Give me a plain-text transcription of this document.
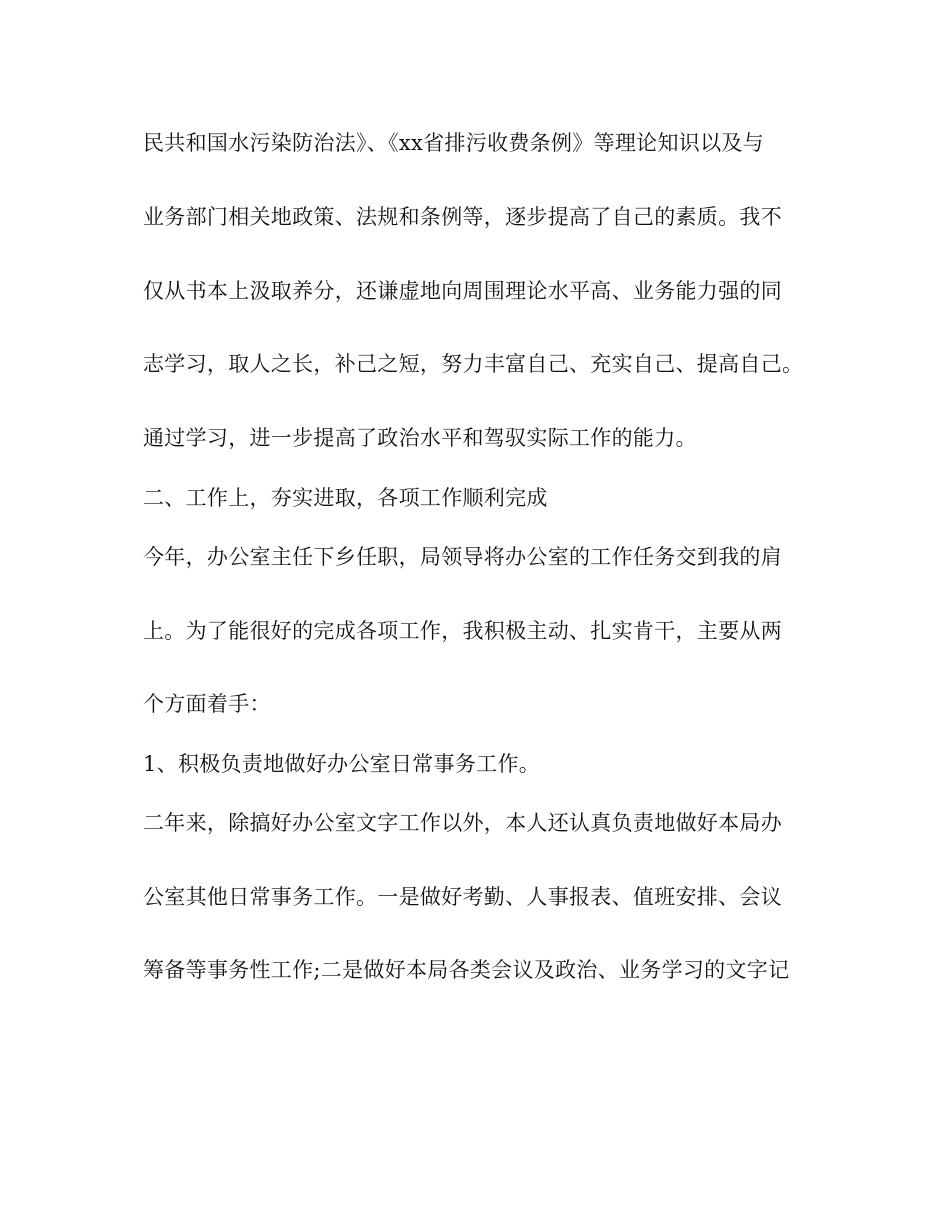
民共和国水污染防治法》、《xx省排污收费条例》等理论知识以及与
业务部门相关地政策、法规和条例等，逐步提高了自己的素质。我不
仅从书本上汲取养分，还谦虚地向周围理论水平高、业务能力强的同
志学习，取人之长，补己之短，努力丰富自己、充实自己、提高自己。
通过学习，进一步提高了政治水平和驾驭实际工作的能力。
二、工作上，夯实进取，各项工作顺利完成
今年，办公室主任下乡任职，局领导将办公室的工作任务交到我的肩
上。为了能很好的完成各项工作，我积极主动、扎实肯干，主要从两
个方面着手：
1、积极负责地做好办公室日常事务工作。
二年来，除搞好办公室文字工作以外，本人还认真负责地做好本局办
公室其他日常事务工作。一是做好考勤、人事报表、值班安排、会议
筹备等事务性工作;二是做好本局各类会议及政治、业务学习的文字记
